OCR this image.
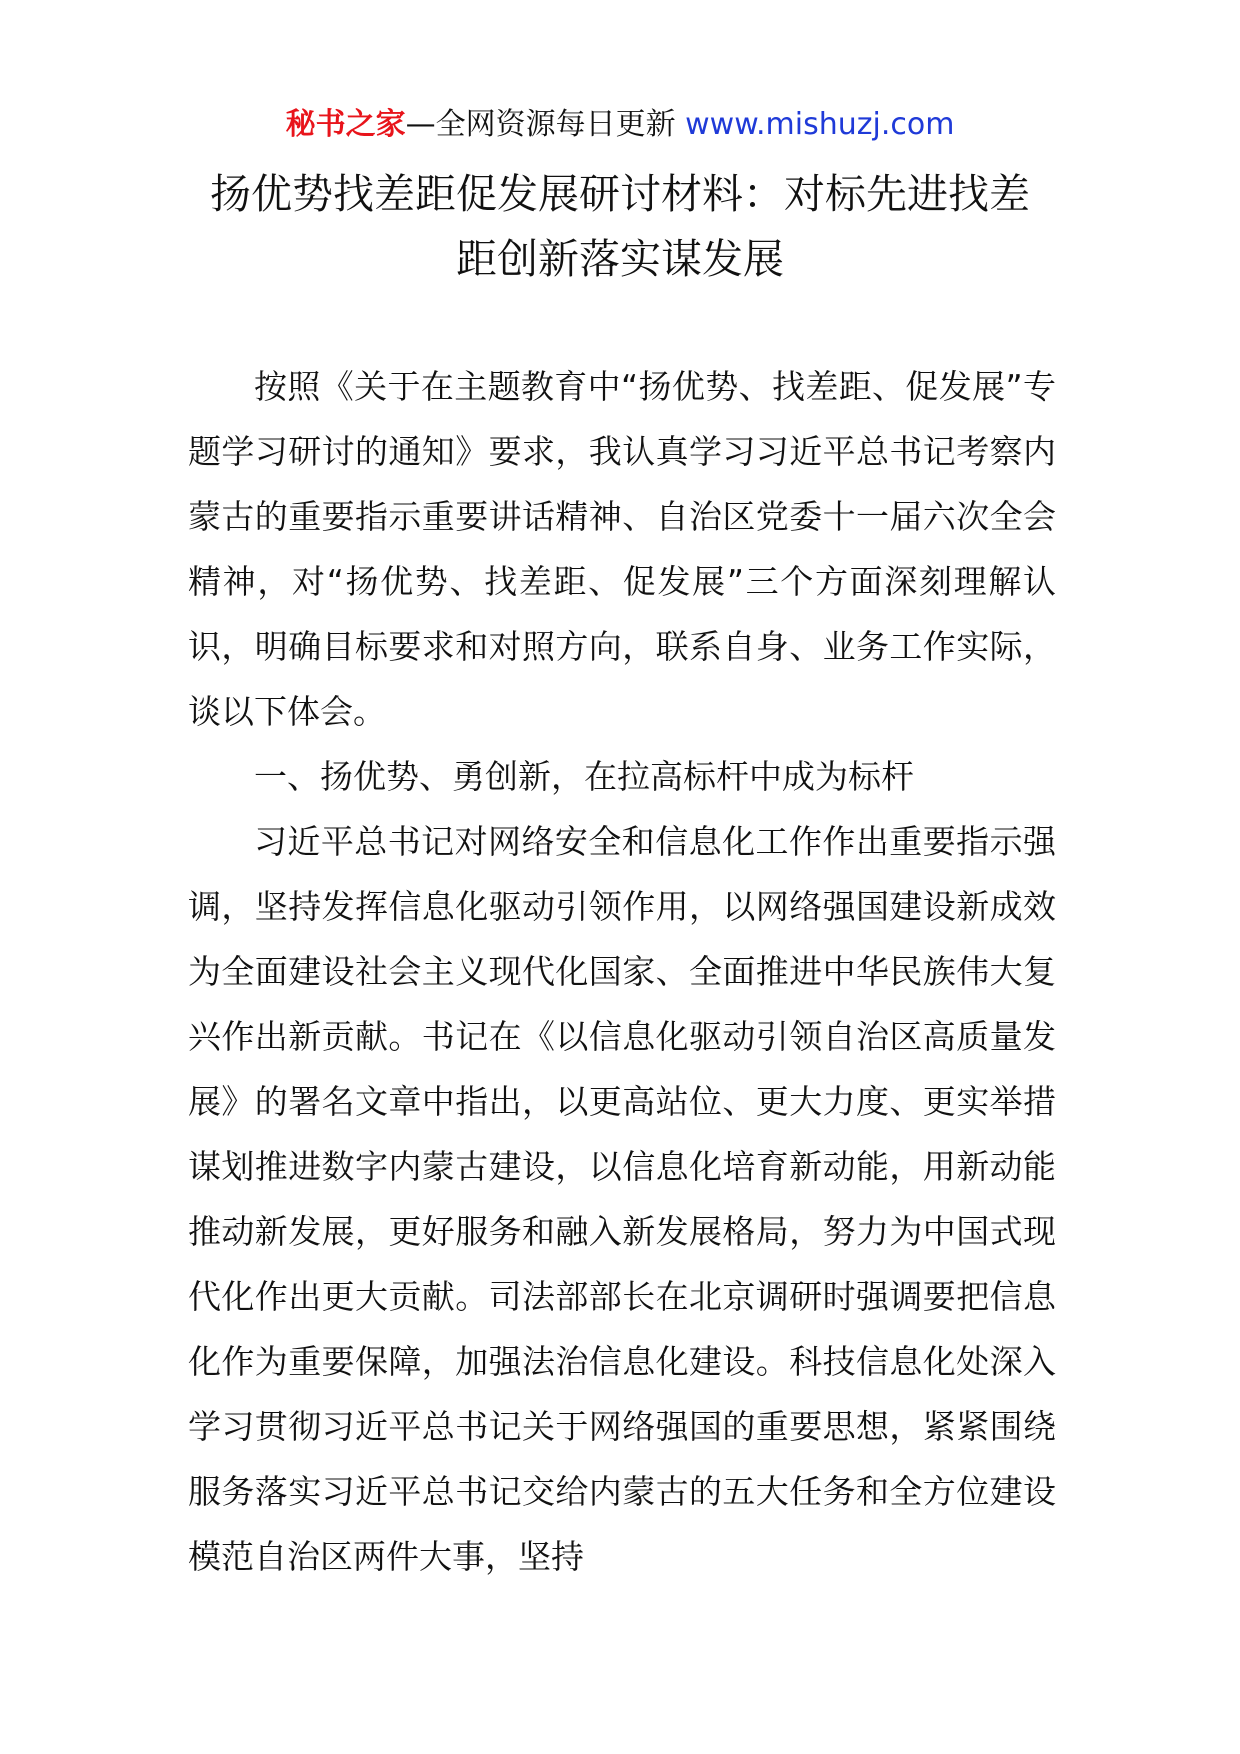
秘书之家—全网资源每日更新 www.mishuzj.com
扬优势找差距促发展研讨材料：对标先进找差距创新落实谋发展

按照《关于在主题教育中“扬优势、找差距、促发展”专题学习研讨的通知》要求，我认真学习习近平总书记考察内蒙古的重要指示重要讲话精神、自治区党委十一届六次全会精神，对“扬优势、找差距、促发展”三个方面深刻理解认识，明确目标要求和对照方向，联系自身、业务工作实际，谈以下体会。

一、扬优势、勇创新，在拉高标杆中成为标杆

习近平总书记对网络安全和信息化工作作出重要指示强调，坚持发挥信息化驱动引领作用，以网络强国建设新成效为全面建设社会主义现代化国家、全面推进中华民族伟大复兴作出新贡献。书记在《以信息化驱动引领自治区高质量发展》的署名文章中指出，以更高站位、更大力度、更实举措谋划推进数字内蒙古建设，以信息化培育新动能，用新动能推动新发展，更好服务和融入新发展格局，努力为中国式现代化作出更大贡献。司法部部长在北京调研时强调要把信息化作为重要保障，加强法治信息化建设。科技信息化处深入学习贯彻习近平总书记关于网络强国的重要思想，紧紧围绕服务落实习近平总书记交给内蒙古的五大任务和全方位建设模范自治区两件大事，坚持
